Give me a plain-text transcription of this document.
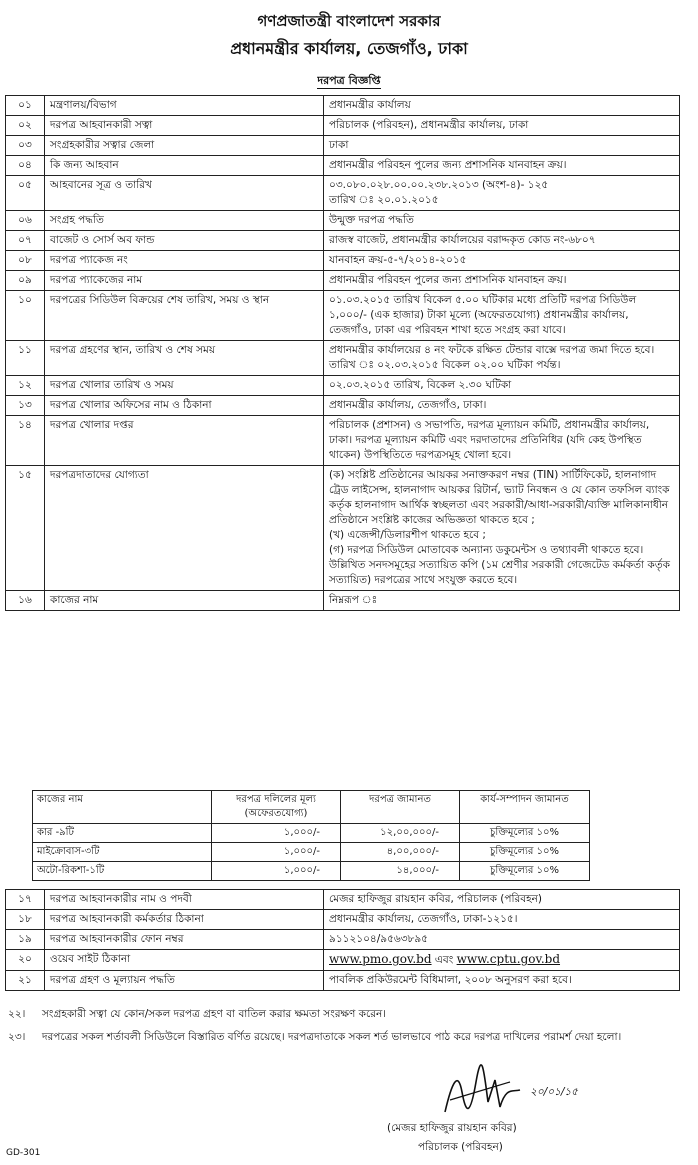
গণপ্রজাতন্ত্রী বাংলাদেশ সরকার
প্রধানমন্ত্রীর কার্যালয়, তেজগাঁও, ঢাকা
দরপত্র বিজ্ঞপ্তি
০১	মন্ত্রণালয়/বিভাগ	প্রধানমন্ত্রীর কার্যালয়
০২	দরপত্র আহবানকারী সত্বা	পরিচালক (পরিবহন), প্রধানমন্ত্রীর কার্যালয়, ঢাকা
০৩	সংগ্রহকারীর সত্বার জেলা	ঢাকা
০৪	কি জন্য আহবান	প্রধানমন্ত্রীর পরিবহন পুলের জন্য প্রশাসনিক যানবাহন ক্রয়।
০৫	আহবানের সূত্র ও তারিখ	০৩.০৮০.০২৮.০০.০০.২৩৮.২০১৩ (অংশ-৪)- ১২৫
তারিখ ঃ ২০.০১.২০১৫
০৬	সংগ্রহ পদ্ধতি	উন্মুক্ত দরপত্র পদ্ধতি
০৭	বাজেট ও সোর্স অব ফান্ড	রাজস্ব বাজেট, প্রধানমন্ত্রীর কার্যালয়ের বরাদ্দকৃত কোড নং-৬৮০৭
০৮	দরপত্র প্যাকেজ নং	যানবাহন ক্রয়-৫-৭/২০১৪-২০১৫
০৯	দরপত্র প্যাকেজের নাম	প্রধানমন্ত্রীর পরিবহন পুলের জন্য প্রশাসনিক যানবাহন ক্রয়।
১০	দরপত্রের সিডিউল বিক্রয়ের শেষ তারিখ, সময় ও স্থান	০১.০৩.২০১৫ তারিখ বিকেল ৫.০০ ঘটিকার মধ্যে প্রতিটি দরপত্র সিডিউল ১,০০০/- (এক হাজার) টাকা মূল্যে (অফেরতযোগ্য) প্রধানমন্ত্রীর কার্যালয়, তেজগাঁও, ঢাকা এর পরিবহন শাখা হতে সংগ্রহ করা যাবে।
১১	দরপত্র গ্রহণের স্থান, তারিখ ও শেষ সময়	প্রধানমন্ত্রীর কার্যালয়ের ৪ নং ফটকে রক্ষিত টেন্ডার বাক্সে দরপত্র জমা দিতে হবে। তারিখ ঃ ০২.০৩.২০১৫ বিকেল ০২.০০ ঘটিকা পর্যন্ত।
১২	দরপত্র খোলার তারিখ ও সময়	০২.০৩.২০১৫ তারিখ, বিকেল ২.৩০ ঘটিকা
১৩	দরপত্র খোলার অফিসের নাম ও ঠিকানা	প্রধানমন্ত্রীর কার্যালয়, তেজগাঁও, ঢাকা।
১৪	দরপত্র খোলার দপ্তর	পরিচালক (প্রশাসন) ও সভাপতি, দরপত্র মূল্যায়ন কমিটি, প্রধানমন্ত্রীর কার্যালয়, ঢাকা। দরপত্র মূল্যায়ন কমিটি এবং দরদাতাদের প্রতিনিধির (যদি কেহ উপস্থিত থাকেন) উপস্থিতিতে দরপত্রসমূহ খোলা হবে।
১৫	দরপত্রদাতাদের যোগ্যতা	(ক) সংশ্লিষ্ট প্রতিষ্ঠানের আয়কর সনাক্তকরণ নম্বর (TIN) সার্টিফিকেট, হালনাগাদ ট্রেড লাইসেন্স, হালনাগাদ আয়কর রিটার্ন, ভ্যাট নিবন্ধন ও যে কোন তফসিল ব্যাংক কর্তৃক হালনাগাদ আর্থিক স্বচ্ছলতা এবং সরকারী/আধা-সরকারী/ব্যক্তি মালিকানাধীন প্রতিষ্ঠানে সংশ্লিষ্ট কাজের অভিজ্ঞতা থাকতে হবে ;
(খ) এজেন্সী/ডিলারশীপ থাকতে হবে ;
(গ) দরপত্র সিডিউল মোতাবেক অন্যান্য ডকুমেন্টস ও তথ্যাবলী থাকতে হবে।
উল্লিখিত সনদসমূহের সত্যায়িত কপি (১ম শ্রেণীর সরকারী গেজেটেড কর্মকর্তা কর্তৃক সত্যায়িত) দরপত্রের সাথে সংযুক্ত করতে হবে।
১৬	কাজের নাম	নিম্নরূপ ঃ
কাজের নাম	দরপত্র দলিলের মূল্য (অফেরতযোগ্য)	দরপত্র জামানত	কার্য-সম্পাদন জামানত
কার -৯টি	১,০০০/-	১২,০০,০০০/-	চুক্তিমূল্যের ১০%
মাইক্রোবাস-৩টি	১,০০০/-	৪,০০,০০০/-	চুক্তিমূল্যের ১০%
অটো-রিকশা-১টি	১,০০০/-	১৪,০০০/-	চুক্তিমূল্যের ১০%
১৭	দরপত্র আহবানকারীর নাম ও পদবী	মেজর হাফিজুর রায়হান কবির, পরিচালক (পরিবহন)
১৮	দরপত্র আহবানকারী কর্মকর্তার ঠিকানা	প্রধানমন্ত্রীর কার্যালয়, তেজগাঁও, ঢাকা-১২১৫।
১৯	দরপত্র আহবানকারীর ফোন নম্বর	৯১১২১০৪/৯৫৬৩৮৯৫
২০	ওয়েব সাইট ঠিকানা	www.pmo.gov.bd এবং www.cptu.gov.bd
২১	দরপত্র গ্রহণ ও মূল্যায়ন পদ্ধতি	পাবলিক প্রকিউরমেন্ট বিধিমালা, ২০০৮ অনুসরণ করা হবে।
২২। সংগ্রহকারী সত্বা যে কোন/সকল দরপত্র গ্রহণ বা বাতিল করার ক্ষমতা সংরক্ষণ করেন।
২৩। দরপত্রের সকল শর্তাবলী সিডিউলে বিস্তারিত বর্ণিত রয়েছে। দরপত্রদাতাকে সকল শর্ত ভালভাবে পাঠ করে দরপত্র দাখিলের পরামর্শ দেয়া হলো।
২০/০১/১৫
(মেজর হাফিজুর রায়হান কবির)
পরিচালক (পরিবহন)
GD-301
